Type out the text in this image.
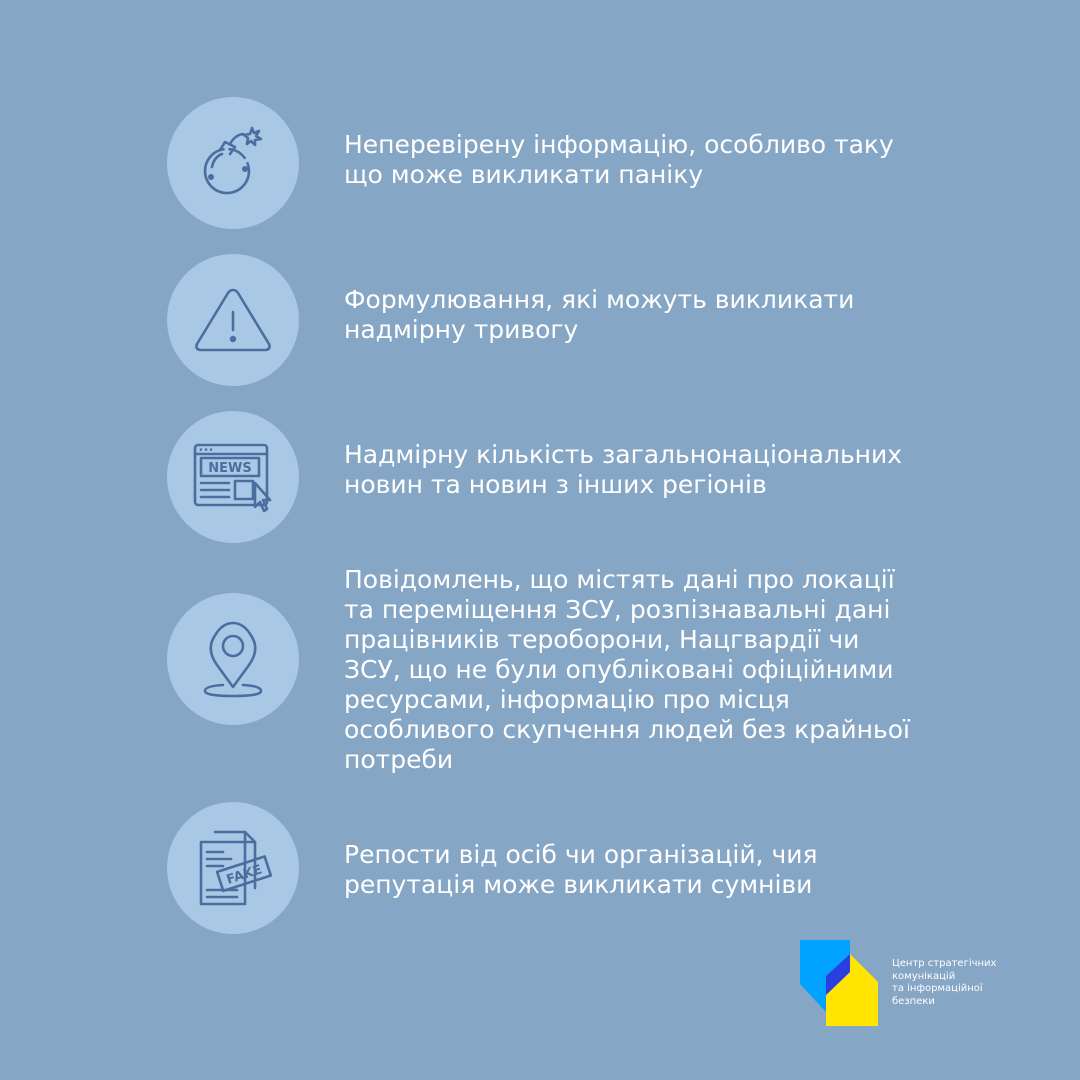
Неперевірену інформацію, особливо таку
що може викликати паніку

Формулювання, які можуть викликати
надмірну тривогу

NEWS	Надмірну кількість загальнонаціональних
новин та новин з інших регіонів

Повідомлень, що містять дані про локації
та переміщення ЗСУ, розпізнавальні дані
працівників тероборони, Нацгвардії чи
ЗСУ, що не були опубліковані офіційними
ресурсами, інформацію про місця
особливого скупчення людей без крайньої
потреби

FAKE

Репости від осіб чи організацій, чия
репутація може викликати сумніви

Центр стратегічних
комунікацій
та інформаційної
безпеки
